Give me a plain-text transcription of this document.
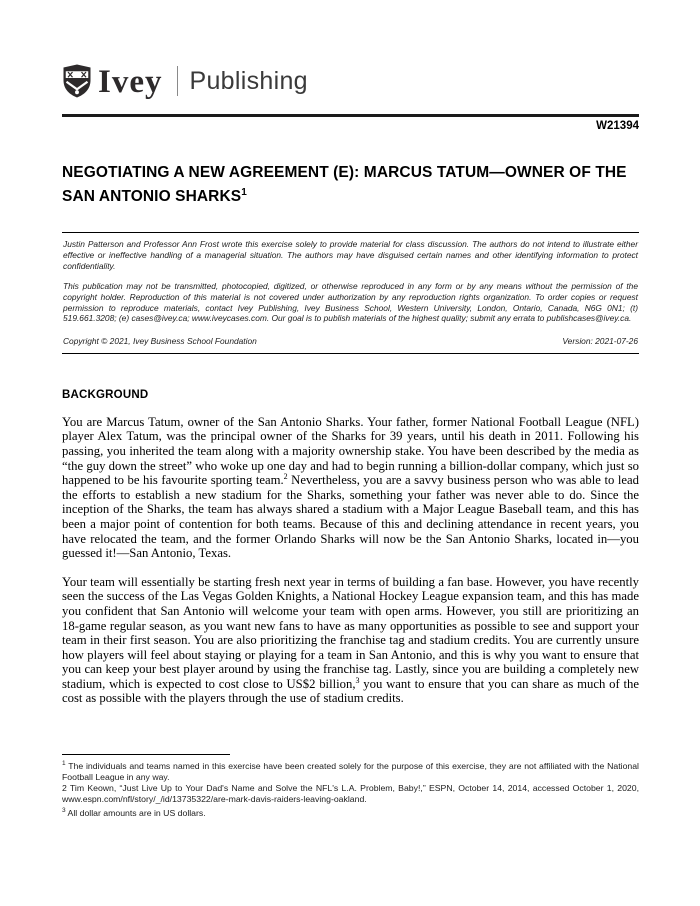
Ivey Publishing
W21394
NEGOTIATING A NEW AGREEMENT (E): MARCUS TATUM—OWNER OF THE SAN ANTONIO SHARKS$^1$

Justin Patterson and Professor Ann Frost wrote this exercise solely to provide material for class discussion. The authors do not intend to illustrate either effective or ineffective handling of a managerial situation. The authors may have disguised certain names and other identifying information to protect confidentiality.

This publication may not be transmitted, photocopied, digitized, or otherwise reproduced in any form or by any means without the permission of the copyright holder. Reproduction of this material is not covered under authorization by any reproduction rights organization. To order copies or request permission to reproduce materials, contact Ivey Publishing, Ivey Business School, Western University, London, Ontario, Canada, N6G 0N1; (t) 519.661.3208; (e) cases@ivey.ca; www.iveycases.com. Our goal is to publish materials of the highest quality; submit any errata to publishcases@ivey.ca.

Copyright © 2021, Ivey Business School Foundation	Version: 2021-07-26
BACKGROUND

You are Marcus Tatum, owner of the San Antonio Sharks. Your father, former National Football League (NFL) player Alex Tatum, was the principal owner of the Sharks for 39 years, until his death in 2011. Following his passing, you inherited the team along with a majority ownership stake. You have been described by the media as “the guy down the street” who woke up one day and had to begin running a billion-dollar company, which just so happened to be his favourite sporting team.$^2$ Nevertheless, you are a savvy business person who was able to lead the efforts to establish a new stadium for the Sharks, something your father was never able to do. Since the inception of the Sharks, the team has always shared a stadium with a Major League Baseball team, and this has been a major point of contention for both teams. Because of this and declining attendance in recent years, you have relocated the team, and the former Orlando Sharks will now be the San Antonio Sharks, located in—you guessed it!—San Antonio, Texas.

Your team will essentially be starting fresh next year in terms of building a fan base. However, you have recently seen the success of the Las Vegas Golden Knights, a National Hockey League expansion team, and this has made you confident that San Antonio will welcome your team with open arms. However, you still are prioritizing an 18-game regular season, as you want new fans to have as many opportunities as possible to see and support your team in their first season. You are also prioritizing the franchise tag and stadium credits. You are currently unsure how players will feel about staying or playing for a team in San Antonio, and this is why you want to ensure that you can keep your best player around by using the franchise tag. Lastly, since you are building a completely new stadium, which is expected to cost close to US$2 billion,$^3$ you want to ensure that you can share as much of the cost as possible with the players through the use of stadium credits.

$^1$ The individuals and teams named in this exercise have been created solely for the purpose of this exercise, they are not affiliated with the National Football League in any way.

2 Tim Keown, “Just Live Up to Your Dad's Name and Solve the NFL's L.A. Problem, Baby!,” ESPN, October 14, 2014, accessed October 1, 2020, www.espn.com/nfl/story/_/id/13735322/are-mark-davis-raiders-leaving-oakland.

$^3$ All dollar amounts are in US dollars.
